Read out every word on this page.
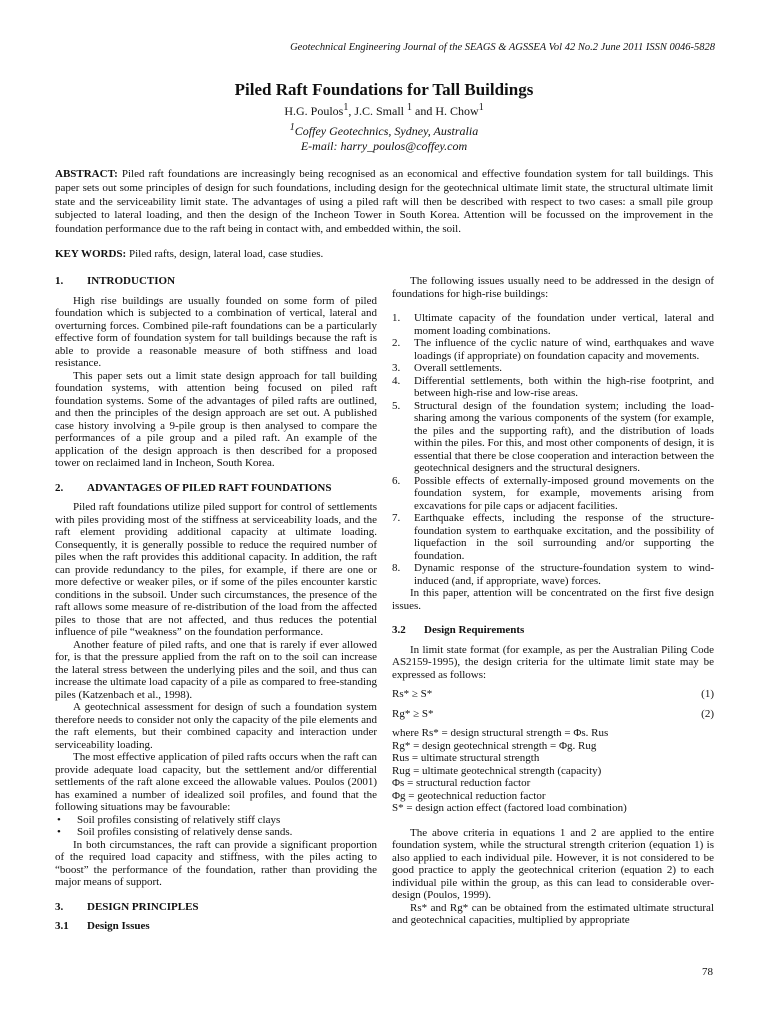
Geotechnical Engineering Journal of the SEAGS & AGSSEA Vol 42 No.2 June 2011 ISSN 0046-5828
Piled Raft Foundations for Tall Buildings
H.G. Poulos$^1$, J.C. Small $^1$ and H. Chow$^1$
$^1$Coffey Geotechnics, Sydney, Australia
E-mail: harry_poulos@coffey.com
ABSTRACT: Piled raft foundations are increasingly being recognised as an economical and effective foundation system for tall buildings. This paper sets out some principles of design for such foundations, including design for the geotechnical ultimate limit state, the structural ultimate limit state and the serviceability limit state. The advantages of using a piled raft will then be described with respect to two cases: a small pile group subjected to lateral loading, and then the design of the Incheon Tower in South Korea. Attention will be focussed on the improvement in the foundation performance due to the raft being in contact with, and embedded within, the soil.
KEY WORDS: Piled rafts, design, lateral load, case studies.

1. INTRODUCTION

High rise buildings are usually founded on some form of piled foundation which is subjected to a combination of vertical, lateral and overturning forces. Combined pile-raft foundations can be a particularly effective form of foundation system for tall buildings because the raft is able to provide a reasonable measure of both stiffness and load resistance.

This paper sets out a limit state design approach for tall building foundation systems, with attention being focused on piled raft foundation systems. Some of the advantages of piled rafts are outlined, and then the principles of the design approach are set out. A published case history involving a 9-pile group is then analysed to compare the performances of a pile group and a piled raft. An example of the application of the design approach is then described for a proposed tower on reclaimed land in Incheon, South Korea.

2. ADVANTAGES OF PILED RAFT FOUNDATIONS

Piled raft foundations utilize piled support for control of settlements with piles providing most of the stiffness at serviceability loads, and the raft element providing additional capacity at ultimate loading. Consequently, it is generally possible to reduce the required number of piles when the raft provides this additional capacity. In addition, the raft can provide redundancy to the piles, for example, if there are one or more defective or weaker piles, or if some of the piles encounter karstic conditions in the subsoil. Under such circumstances, the presence of the raft allows some measure of re-distribution of the load from the affected piles to those that are not affected, and thus reduces the potential influence of pile “weakness” on the foundation performance.

Another feature of piled rafts, and one that is rarely if ever allowed for, is that the pressure applied from the raft on to the soil can increase the lateral stress between the underlying piles and the soil, and thus can increase the ultimate load capacity of a pile as compared to free-standing piles (Katzenbach et al., 1998).

A geotechnical assessment for design of such a foundation system therefore needs to consider not only the capacity of the pile elements and the raft elements, but their combined capacity and interaction under serviceability loading.

The most effective application of piled rafts occurs when the raft can provide adequate load capacity, but the settlement and/or differential settlements of the raft alone exceed the allowable values. Poulos (2001) has examined a number of idealized soil profiles, and found that the following situations may be favourable:

• Soil profiles consisting of relatively stiff clays
• Soil profiles consisting of relatively dense sands.

In both circumstances, the raft can provide a significant proportion of the required load capacity and stiffness, with the piles acting to “boost” the performance of the foundation, rather than providing the major means of support.

3. DESIGN PRINCIPLES

3.1 Design Issues

The following issues usually need to be addressed in the design of foundations for high-rise buildings:

1. Ultimate capacity of the foundation under vertical, lateral and moment loading combinations.
2. The influence of the cyclic nature of wind, earthquakes and wave loadings (if appropriate) on foundation capacity and movements.
3. Overall settlements.
4. Differential settlements, both within the high-rise footprint, and between high-rise and low-rise areas.
5. Structural design of the foundation system; including the load-sharing among the various components of the system (for example, the piles and the supporting raft), and the distribution of loads within the piles. For this, and most other components of design, it is essential that there be close cooperation and interaction between the geotechnical designers and the structural designers.
6. Possible effects of externally-imposed ground movements on the foundation system, for example, movements arising from excavations for pile caps or adjacent facilities.
7. Earthquake effects, including the response of the structure-foundation system to earthquake excitation, and the possibility of liquefaction in the soil surrounding and/or supporting the foundation.
8. Dynamic response of the structure-foundation system to wind-induced (and, if appropriate, wave) forces.

In this paper, attention will be concentrated on the first five design issues.

3.2 Design Requirements

In limit state format (for example, as per the Australian Piling Code AS2159-1995), the design criteria for the ultimate limit state may be expressed as follows:

Rs* ≥ S*	(1)

Rg* ≥ S*	(2)

where Rs* = design structural strength = Φs. Rus
Rg* = design geotechnical strength = Φg. Rug
Rus = ultimate structural strength
Rug = ultimate geotechnical strength (capacity)
Φs = structural reduction factor
Φg = geotechnical reduction factor
S* = design action effect (factored load combination)

The above criteria in equations 1 and 2 are applied to the entire foundation system, while the structural strength criterion (equation 1) is also applied to each individual pile. However, it is not considered to be good practice to apply the geotechnical criterion (equation 2) to each individual pile within the group, as this can lead to considerable over-design (Poulos, 1999).

Rs* and Rg* can be obtained from the estimated ultimate structural and geotechnical capacities, multiplied by appropriate

78
